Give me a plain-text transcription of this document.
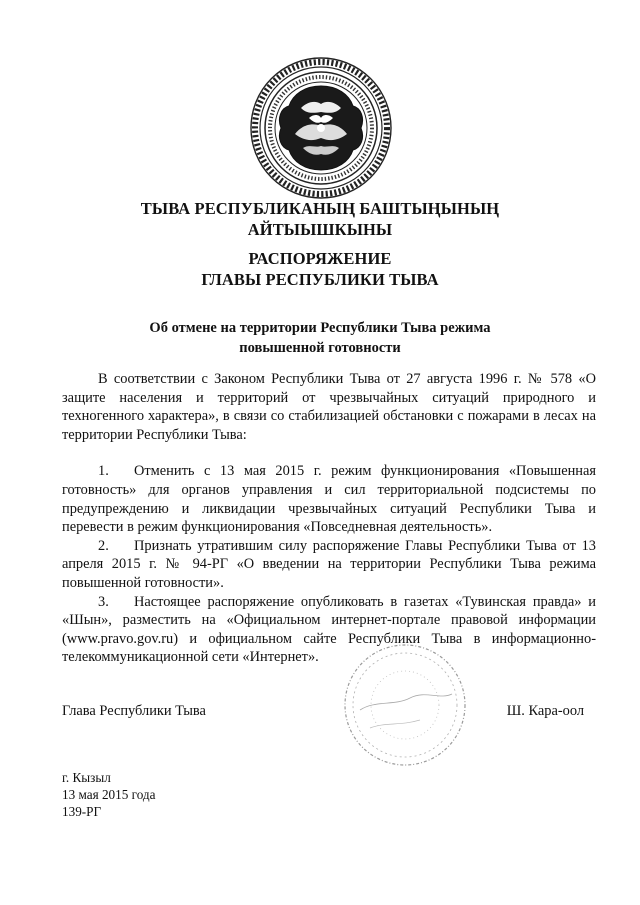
ТЫВА РЕСПУБЛИКАНЫҢ БАШТЫҢЫНЫҢ
АЙТЫЫШКЫНЫ
РАСПОРЯЖЕНИЕ
ГЛАВЫ РЕСПУБЛИКИ ТЫВА
Об отмене на территории Республики Тыва режима
повышенной готовности

В соответствии с Законом Республики Тыва от 27 августа 1996 г. № 578 «О защите населения и территорий от чрезвычайных ситуаций природного и техногенного характера», в связи со стабилизацией обстановки с пожарами в лесах на территории Республики Тыва:

1. Отменить с 13 мая 2015 г. режим функционирования «Повышенная готовность» для органов управления и сил территориальной подсистемы по предупреждению и ликвидации чрезвычайных ситуаций Республики Тыва и перевести в режим функционирования «Повседневная деятельность».

2. Признать утратившим силу распоряжение Главы Республики Тыва от 13 апреля 2015 г. № 94-РГ «О введении на территории Республики Тыва режима повышенной готовности».

3. Настоящее распоряжение опубликовать в газетах «Тувинская правда» и «Шын», разместить на «Официальном интернет-портале правовой информации (www.pravo.gov.ru) и официальном сайте Республики Тыва в информационно-телекоммуникационной сети «Интернет».

Глава Республики Тыва	Ш. Кара-оол
г. Кызыл
13 мая 2015 года
139-РГ
